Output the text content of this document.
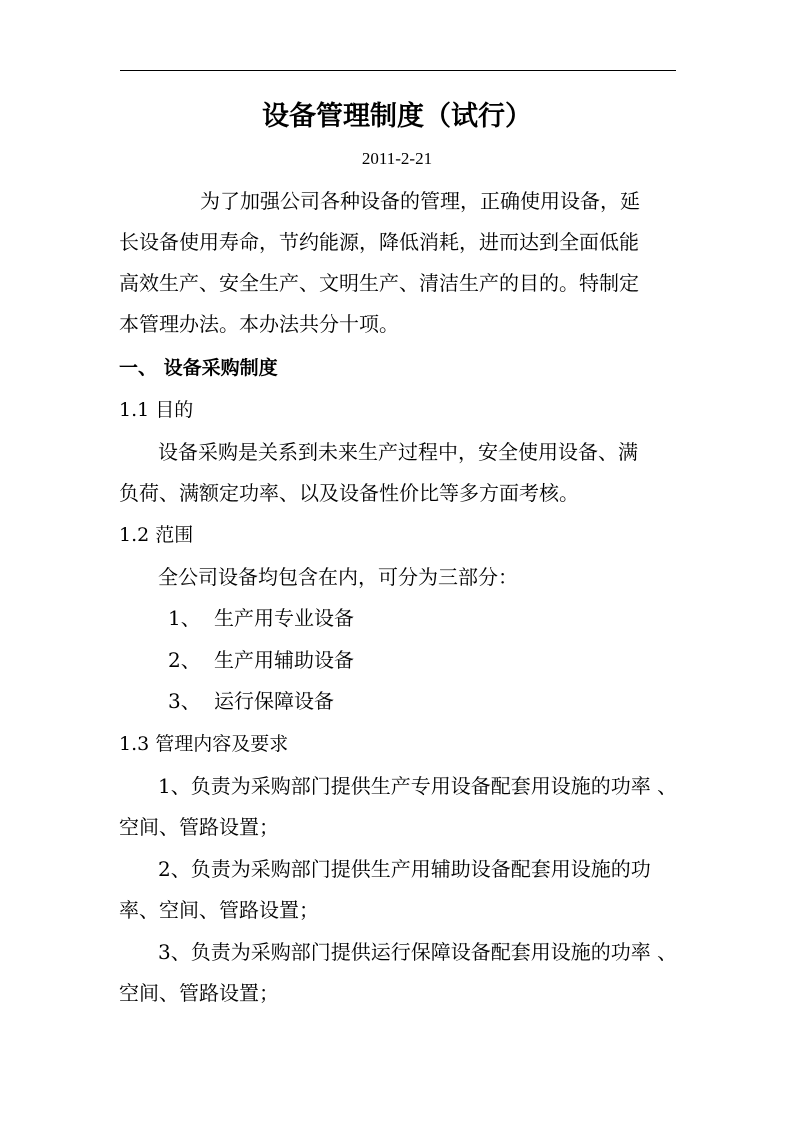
设备管理制度（试行）
2011-2-21
为了加强公司各种设备的管理，正确使用设备，延
长设备使用寿命，节约能源，降低消耗，进而达到全面低能
高效生产、安全生产、文明生产、清洁生产的目的。特制定
本管理办法。本办法共分十项。
一、 设备采购制度
1.1 目的
设备采购是关系到未来生产过程中，安全使用设备、满
负荷、满额定功率、以及设备性价比等多方面考核。
1.2 范围
全公司设备均包含在内，可分为三部分：
1、 生产用专业设备
2、 生产用辅助设备
3、 运行保障设备
1.3 管理内容及要求
1、负责为采购部门提供生产专用设备配套用设施的功率 、
空间、管路设置；
2、负责为采购部门提供生产用辅助设备配套用设施的功
率、空间、管路设置；
3、负责为采购部门提供运行保障设备配套用设施的功率 、
空间、管路设置；
